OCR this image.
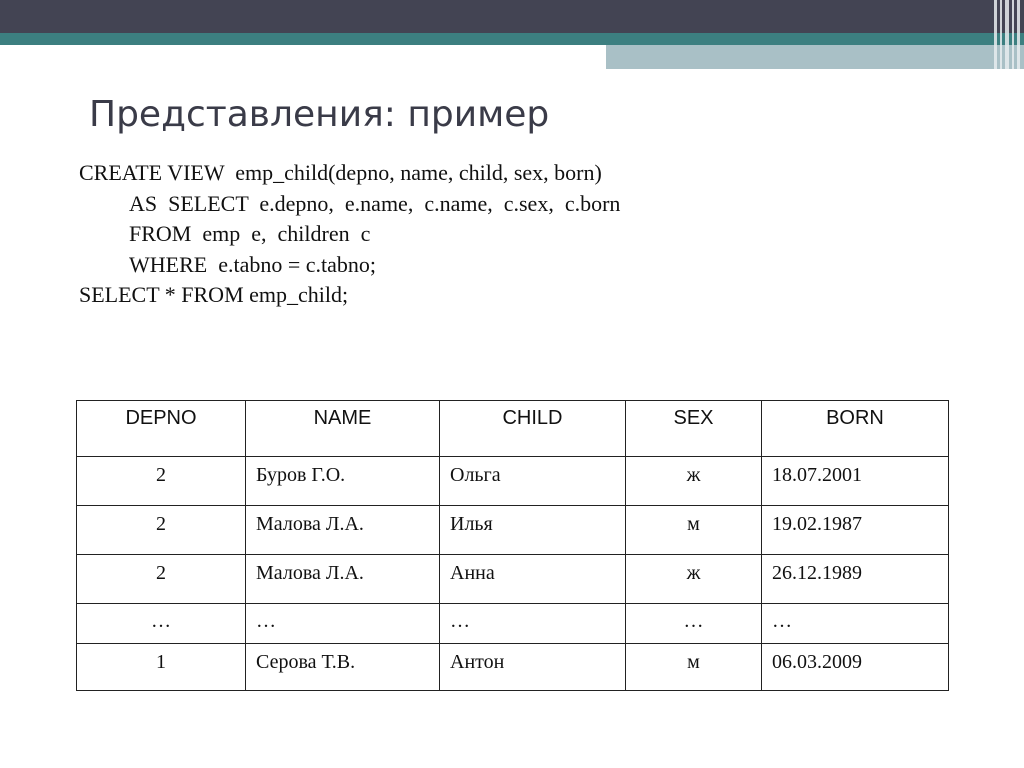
Представления: пример
CREATE VIEW  emp_child(depno, name, child, sex, born)
AS  SELECT  e.depno,  e.name,  c.name,  c.sex,  c.born
FROM  emp  e,  children  c
WHERE  e.tabno = c.tabno;
SELECT * FROM emp_child;
DEPNO	NAME	CHILD	SEX	BORN
2	Буров Г.О.	Ольга	ж	18.07.2001
2	Малова Л.А.	Илья	м	19.02.1987
2	Малова Л.А.	Анна	ж	26.12.1989
…	…	…	…	…
1	Серова Т.В.	Антон	м	06.03.2009
